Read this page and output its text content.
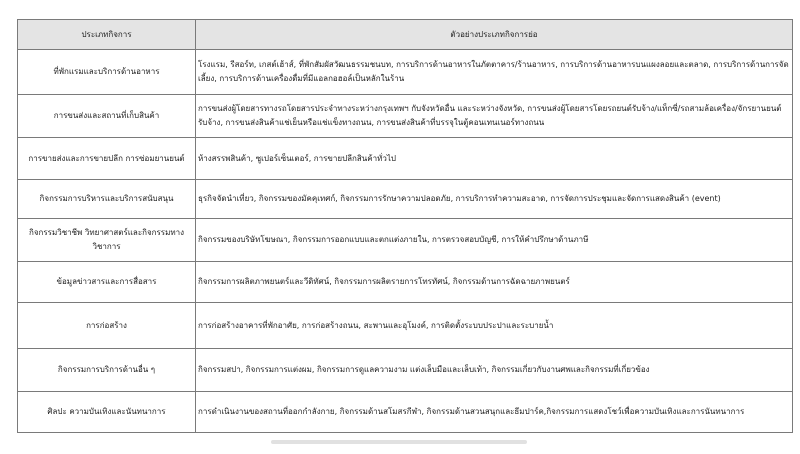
ประเภทกิจการ	ตัวอย่างประเภทกิจการย่อ
ที่พักแรมและบริการด้านอาหาร	โรงแรม, รีสอร์ท, เกสต์เฮ้าส์, ที่พักสัมผัสวัฒนธรรมชนบท, การบริการด้านอาหารในภัตตาคาร/ร้านอาหาร, การบริการด้านอาหารบนแผงลอยและตลาด, การบริการด้านการจัดเลี้ยง, การบริการด้านเครื่องดื่มที่มีแอลกอฮอล์เป็นหลักในร้าน
การขนส่งและสถานที่เก็บสินค้า	การขนส่งผู้โดยสารทางรถโดยสารประจำทางระหว่างกรุงเทพฯ กับจังหวัดอื่น และระหว่างจังหวัด, การขนส่งผู้โดยสารโดยรถยนต์รับจ้าง/แท็กซี่/รถสามล้อเครื่อง/จักรยานยนต์รับจ้าง, การขนส่งสินค้าแช่เย็นหรือแช่แข็งทางถนน, การขนส่งสินค้าที่บรรจุในตู้คอนเทนเนอร์ทางถนน
การขายส่งและการขายปลีก การซ่อมยานยนต์	ห้างสรรพสินค้า, ซูเปอร์เซ็นเตอร์, การขายปลีกสินค้าทั่วไป
กิจกรรมการบริหารและบริการสนับสนุน	ธุรกิจจัดนำเที่ยว, กิจกรรมของมัคคุเทศก์, กิจกรรมการรักษาความปลอดภัย, การบริการทำความสะอาด, การจัดการประชุมและจัดการแสดงสินค้า (event)
กิจกรรมวิชาชีพ วิทยาศาสตร์และกิจกรรมทางวิชาการ	กิจกรรมของบริษัทโฆษณา, กิจกรรมการออกแบบและตกแต่งภายใน, การตรวจสอบบัญชี, การให้คำปรึกษาด้านภาษี
ข้อมูลข่าวสารและการสื่อสาร	กิจกรรมการผลิตภาพยนตร์และวีดิทัศน์, กิจกรรมการผลิตรายการโทรทัศน์, กิจกรรมด้านการฉัดฉายภาพยนตร์
การก่อสร้าง	การก่อสร้างอาคารที่พักอาศัย, การก่อสร้างถนน, สะพานและอุโมงค์, การติดตั้งระบบประปาและระบายน้ำ
กิจกรรมการบริการด้านอื่น ๆ	กิจกรรมสปา, กิจกรรมการแต่งผม, กิจกรรมการดูแลความงาม แต่งเล็บมือและเล็บเท้า, กิจกรรมเกี่ยวกับงานศพและกิจกรรมที่เกี่ยวข้อง
ศิลปะ ความบันเทิงและนันทนาการ	การดำเนินงานของสถานที่ออกกำลังกาย, กิจกรรมด้านสโมสรกีฬา, กิจกรรมด้านสวนสนุกและธีมปาร์ค,กิจกรรมการแสดงโชว์เพื่อความบันเทิงและการนันทนาการ
